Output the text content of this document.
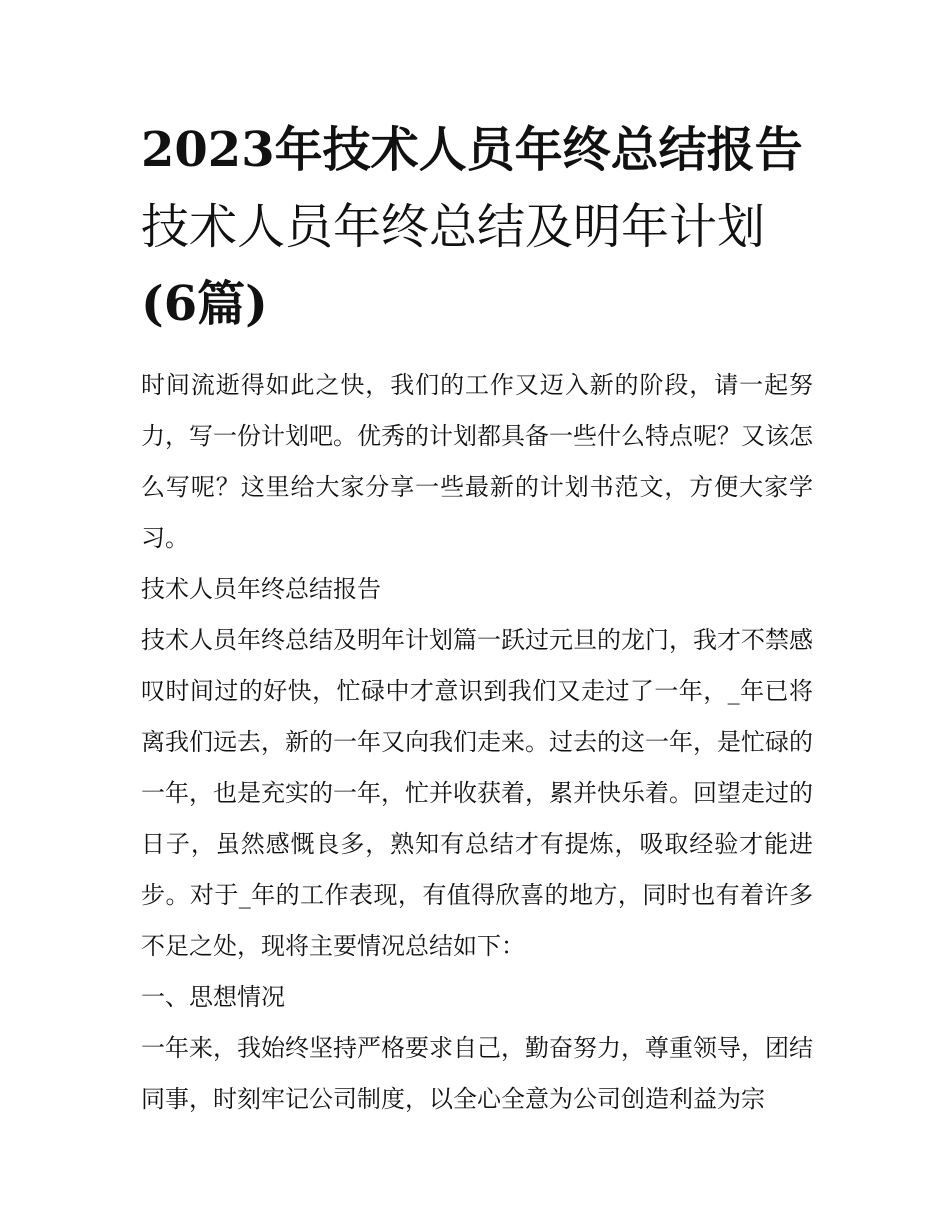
2023年技术人员年终总结报告
技术人员年终总结及明年计划
(6篇)

时间流逝得如此之快，我们的工作又迈入新的阶段，请一起努力，写一份计划吧。优秀的计划都具备一些什么特点呢？又该怎么写呢？这里给大家分享一些最新的计划书范文，方便大家学习。

技术人员年终总结报告

技术人员年终总结及明年计划篇一跃过元旦的龙门，我才不禁感叹时间过的好快，忙碌中才意识到我们又走过了一年，_年已将离我们远去，新的一年又向我们走来。过去的这一年，是忙碌的一年，也是充实的一年，忙并收获着，累并快乐着。回望走过的日子，虽然感慨良多，熟知有总结才有提炼，吸取经验才能进步。对于_年的工作表现，有值得欣喜的地方，同时也有着许多不足之处，现将主要情况总结如下：

一、思想情况

一年来，我始终坚持严格要求自己，勤奋努力，尊重领导，团结同事，时刻牢记公司制度，以全心全意为公司创造利益为宗
